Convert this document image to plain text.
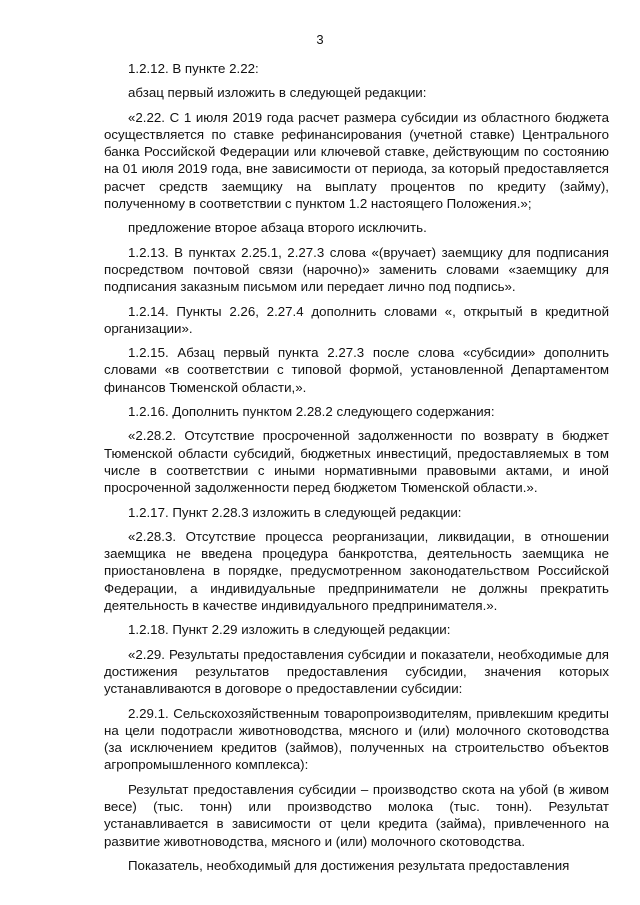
3

1.2.12. В пункте 2.22:

абзац первый изложить в следующей редакции:

«2.22. С 1 июля 2019 года расчет размера субсидии из областного бюджета осуществляется по ставке рефинансирования (учетной ставке) Центрального банка Российской Федерации или ключевой ставке, действующим по состоянию на 01 июля 2019 года, вне зависимости от периода, за который предоставляется расчет средств заемщику на выплату процентов по кредиту (займу), полученному в соответствии с пунктом 1.2 настоящего Положения.»;

предложение второе абзаца второго исключить.

1.2.13. В пунктах 2.25.1, 2.27.3 слова «(вручает) заемщику для подписания посредством почтовой связи (нарочно)» заменить словами «заемщику для подписания заказным письмом или передает лично под подпись».

1.2.14. Пункты 2.26, 2.27.4 дополнить словами «, открытый в кредитной организации».

1.2.15. Абзац первый пункта 2.27.3 после слова «субсидии» дополнить словами «в соответствии с типовой формой, установленной Департаментом финансов Тюменской области,».

1.2.16. Дополнить пунктом 2.28.2 следующего содержания:

«2.28.2. Отсутствие просроченной задолженности по возврату в бюджет Тюменской области субсидий, бюджетных инвестиций, предоставляемых в том числе в соответствии с иными нормативными правовыми актами, и иной просроченной задолженности перед бюджетом Тюменской области.».

1.2.17. Пункт 2.28.3 изложить в следующей редакции:

«2.28.3. Отсутствие процесса реорганизации, ликвидации, в отношении заемщика не введена процедура банкротства, деятельность заемщика не приостановлена в порядке, предусмотренном законодательством Российской Федерации, а индивидуальные предприниматели не должны прекратить деятельность в качестве индивидуального предпринимателя.».

1.2.18. Пункт 2.29 изложить в следующей редакции:

«2.29. Результаты предоставления субсидии и показатели, необходимые для достижения результатов предоставления субсидии, значения которых устанавливаются в договоре о предоставлении субсидии:

2.29.1. Сельскохозяйственным товаропроизводителям, привлекшим кредиты на цели подотрасли животноводства, мясного и (или) молочного скотоводства (за исключением кредитов (займов), полученных на строительство объектов агропромышленного комплекса):

Результат предоставления субсидии – производство скота на убой (в живом весе) (тыс. тонн) или производство молока (тыс. тонн). Результат устанавливается в зависимости от цели кредита (займа), привлеченного на развитие животноводства, мясного и (или) молочного скотоводства.

Показатель, необходимый для достижения результата предоставления
